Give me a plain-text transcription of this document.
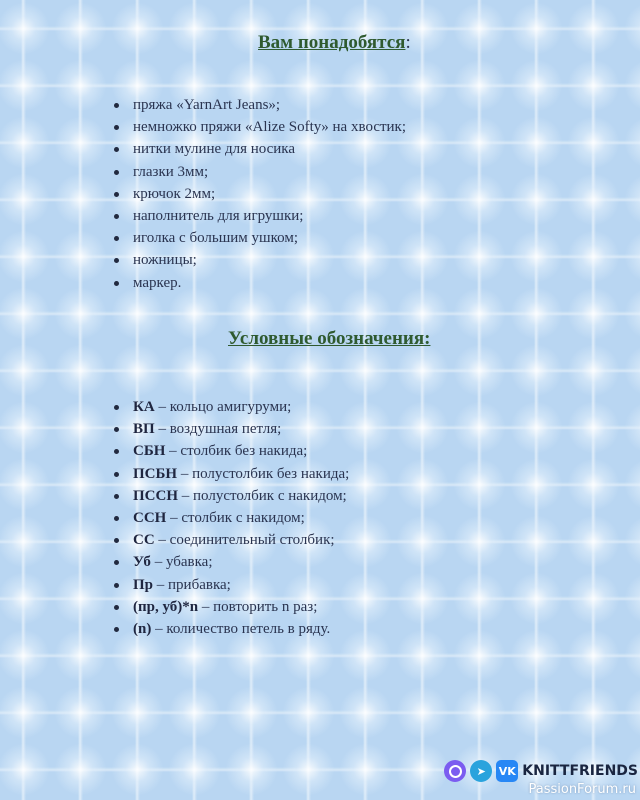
Вам понадобятся:
пряжа «YarnArt Jeans»;
немножко пряжи «Alize Softy» на хвостик;
нитки мулине для носика
глазки 3мм;
крючок 2мм;
наполнитель для игрушки;
иголка с большим ушком;
ножницы;
маркер.
Условные обозначения:
КА – кольцо амигуруми;
ВП – воздушная петля;
СБН – столбик без накида;
ПСБН – полустолбик без накида;
ПССН – полустолбик с накидом;
ССН – столбик с накидом;
СС – соединительный столбик;
Уб – убавка;
Пр – прибавка;
(пр, уб)*n – повторить n раз;
(n) – количество петель в ряду.
➤	VK KNITTFRIENDS
PassionForum.ru
